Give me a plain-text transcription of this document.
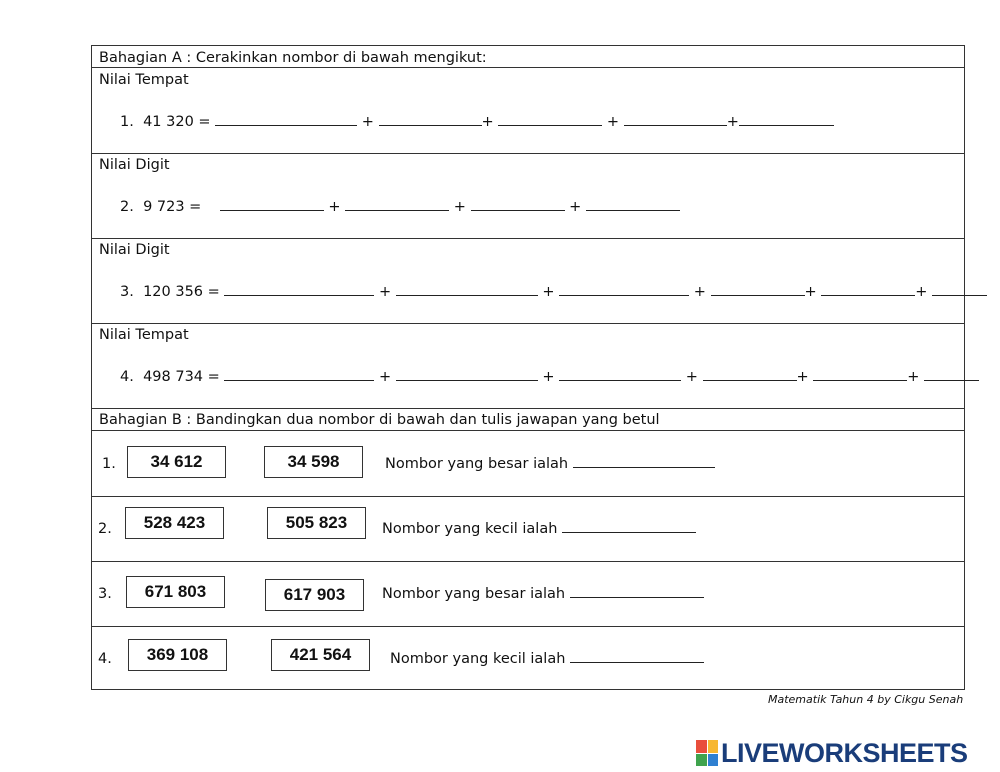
Bahagian A : Cerakinkan nombor di bawah mengikut:
Nilai Tempat
1. 41 320 =	+	+	+	+
Nilai Digit
2. 9 723 =	+	+	+
Nilai Digit
3. 120 356 =	+	+	+	+	+
Nilai Tempat
4. 498 734 =	+	+	+	+	+
Bahagian B : Bandingkan dua nombor di bawah dan tulis jawapan yang betul
1.	34 612	34 598	Nombor yang besar ialah
2.	528 423	505 823	Nombor yang kecil ialah
3.	671 803	617 903	Nombor yang besar ialah
4.	369 108	421 564	Nombor yang kecil ialah
Matematik Tahun 4 by Cikgu Senah
LIVEWORKSHEETS
